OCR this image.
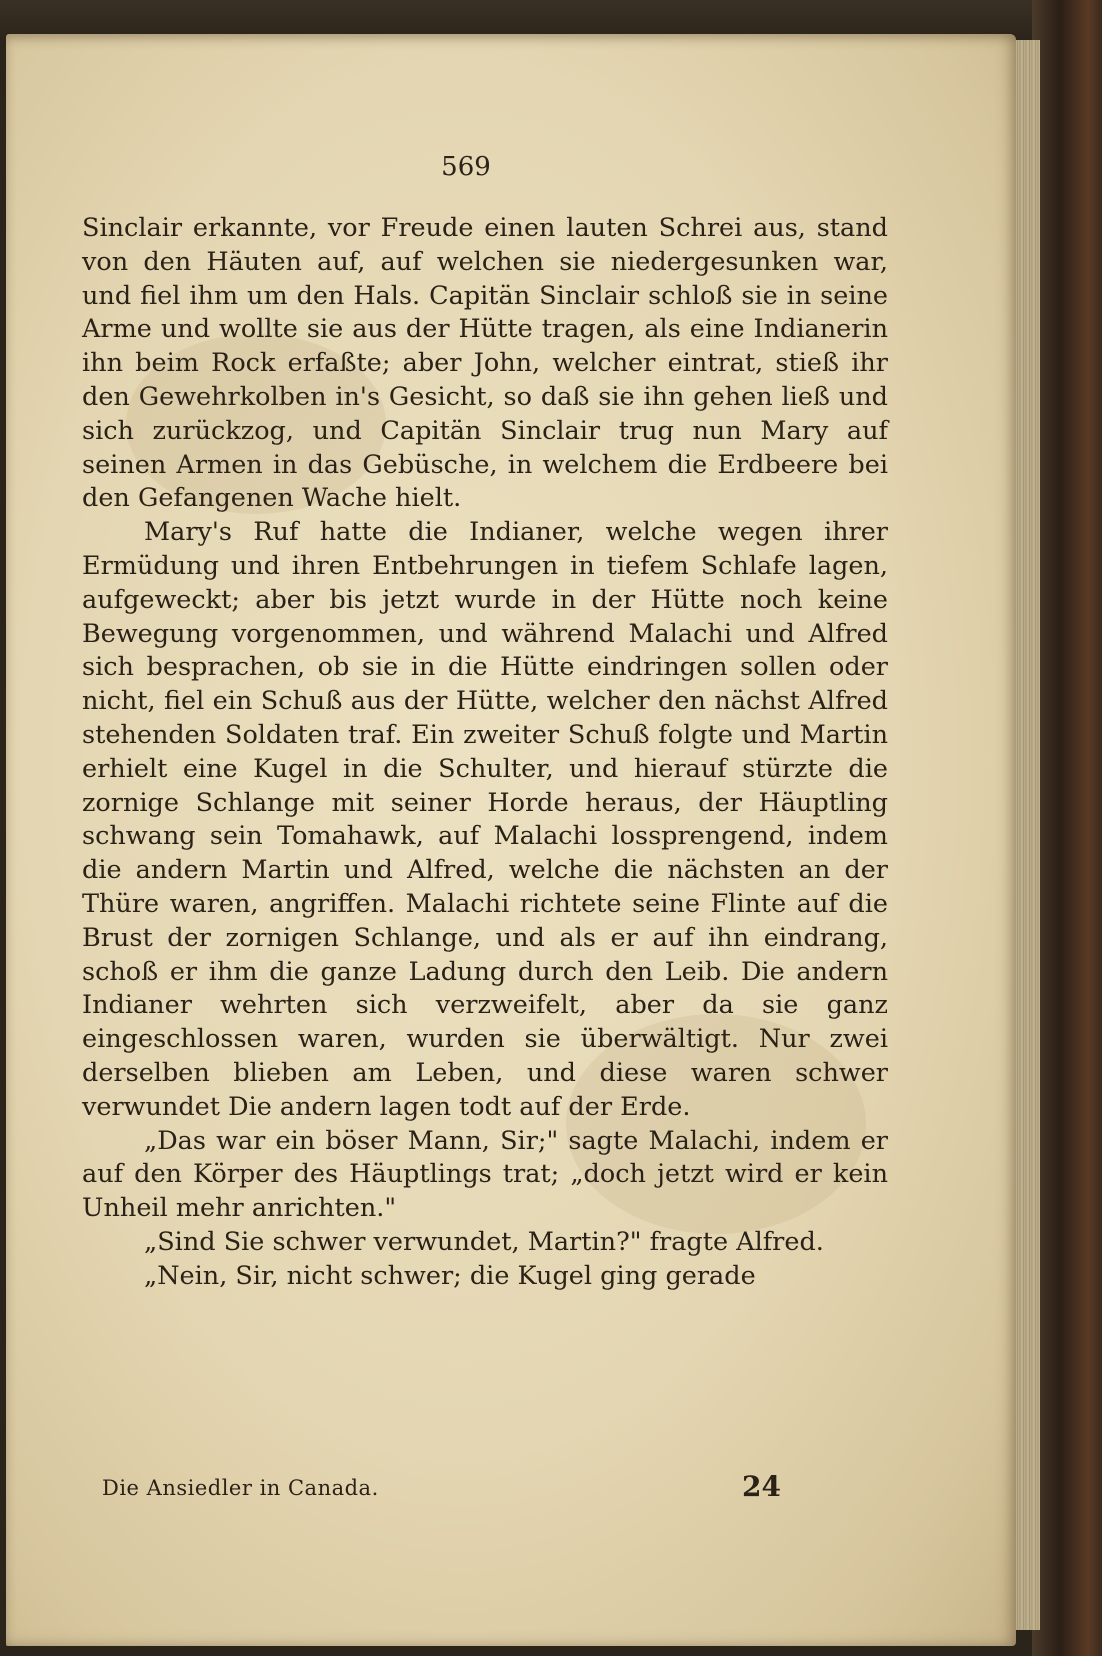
569

Sinclair erkannte, vor Freude einen lauten Schrei aus, stand von den Häuten auf, auf welchen sie niedergesunken war, und fiel ihm um den Hals. Capitän Sinclair schloß sie in seine Arme und wollte sie aus der Hütte tragen, als eine Indianerin ihn beim Rock erfaßte; aber John, welcher eintrat, stieß ihr den Gewehrkolben in's Gesicht, so daß sie ihn gehen ließ und sich zurückzog, und Capitän Sinclair trug nun Mary auf seinen Armen in das Gebüsche, in welchem die Erdbeere bei den Gefangenen Wache hielt.

Mary's Ruf hatte die Indianer, welche wegen ihrer Ermüdung und ihren Entbehrungen in tiefem Schlafe lagen, aufgeweckt; aber bis jetzt wurde in der Hütte noch keine Bewegung vorgenommen, und während Malachi und Alfred sich besprachen, ob sie in die Hütte eindringen sollen oder nicht, fiel ein Schuß aus der Hütte, welcher den nächst Alfred stehenden Soldaten traf. Ein zweiter Schuß folgte und Martin erhielt eine Kugel in die Schulter, und hierauf stürzte die zornige Schlange mit seiner Horde heraus, der Häuptling schwang sein Tomahawk, auf Malachi lossprengend, indem die andern Martin und Alfred, welche die nächsten an der Thüre waren, angriffen. Malachi richtete seine Flinte auf die Brust der zornigen Schlange, und als er auf ihn eindrang, schoß er ihm die ganze Ladung durch den Leib. Die andern Indianer wehrten sich verzweifelt, aber da sie ganz eingeschlossen waren, wurden sie überwältigt. Nur zwei derselben blieben am Leben, und diese waren schwer verwundet Die andern lagen todt auf der Erde.

„Das war ein böser Mann, Sir;" sagte Malachi, indem er auf den Körper des Häuptlings trat; „doch jetzt wird er kein Unheil mehr anrichten."

„Sind Sie schwer verwundet, Martin?" fragte Alfred.

„Nein, Sir, nicht schwer; die Kugel ging gerade

Die Ansiedler in Canada.	24
